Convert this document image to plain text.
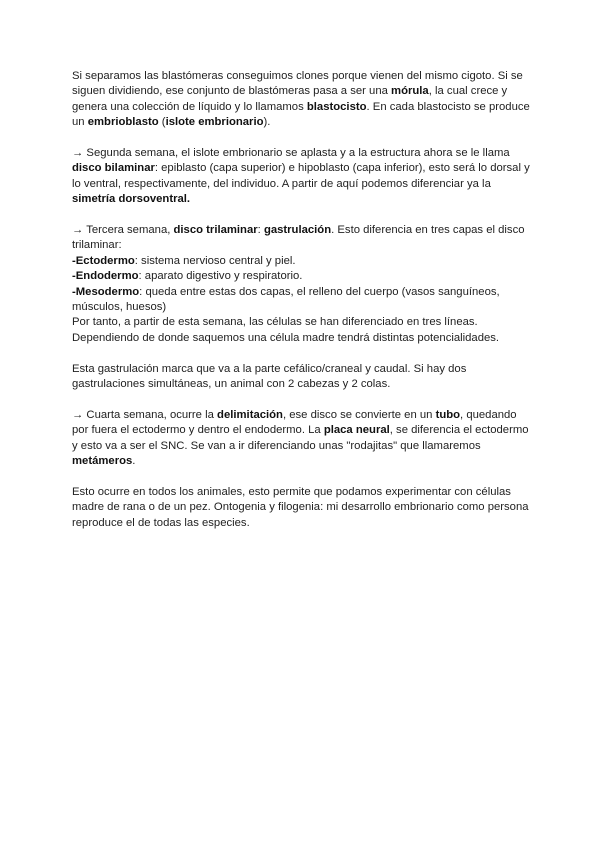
Si separamos las blastómeras conseguimos clones porque vienen del mismo cigoto. Si se siguen dividiendo, ese conjunto de blastómeras pasa a ser una mórula, la cual crece y genera una colección de líquido y lo llamamos blastocisto. En cada blastocisto se produce un embrioblasto (islote embrionario).

→ Segunda semana, el islote embrionario se aplasta y a la estructura ahora se le llama disco bilaminar: epiblasto (capa superior) e hipoblasto (capa inferior), esto será lo dorsal y lo ventral, respectivamente, del individuo. A partir de aquí podemos diferenciar ya la simetría dorsoventral.

→ Tercera semana, disco trilaminar: gastrulación. Esto diferencia en tres capas el disco trilaminar:

-Ectodermo: sistema nervioso central y piel.

-Endodermo: aparato digestivo y respiratorio.

-Mesodermo: queda entre estas dos capas, el relleno del cuerpo (vasos sanguíneos, músculos, huesos)

Por tanto, a partir de esta semana, las células se han diferenciado en tres líneas. Dependiendo de donde saquemos una célula madre tendrá distintas potencialidades.

Esta gastrulación marca que va a la parte cefálico/craneal y caudal. Si hay dos gastrulaciones simultáneas, un animal con 2 cabezas y 2 colas.

→ Cuarta semana, ocurre la delimitación, ese disco se convierte en un tubo, quedando por fuera el ectodermo y dentro el endodermo. La placa neural, se diferencia el ectodermo y esto va a ser el SNC. Se van a ir diferenciando unas "rodajitas" que llamaremos metámeros.

Esto ocurre en todos los animales, esto permite que podamos experimentar con células madre de rana o de un pez. Ontogenia y filogenia: mi desarrollo embrionario como persona reproduce el de todas las especies.
